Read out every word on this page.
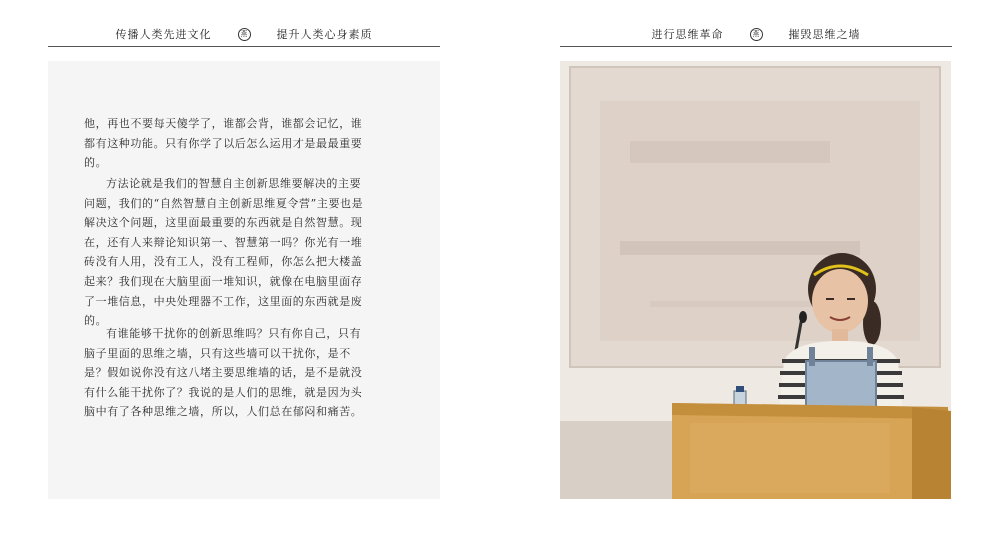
传播人类先进文化	燕	提升人类心身素质	进行思维革命	燕	摧毁思维之墙

他，再也不要每天傻学了，谁都会背，谁都会记忆，谁都有这种功能。只有你学了以后怎么运用才是最最重要的。

方法论就是我们的智慧自主创新思维要解决的主要问题，我们的“自然智慧自主创新思维夏令营”主要也是解决这个问题，这里面最重要的东西就是自然智慧。现在，还有人来辩论知识第一、智慧第一吗？你光有一堆砖没有人用，没有工人，没有工程师，你怎么把大楼盖起来？我们现在大脑里面一堆知识，就像在电脑里面存了一堆信息，中央处理器不工作，这里面的东西就是废的。

有谁能够干扰你的创新思维吗？只有你自己，只有脑子里面的思维之墙，只有这些墙可以干扰你，是不是？假如说你没有这八堵主要思维墙的话，是不是就没有什么能干扰你了？我说的是人们的思维，就是因为头脑中有了各种思维之墙，所以，人们总在郁闷和痛苦。
